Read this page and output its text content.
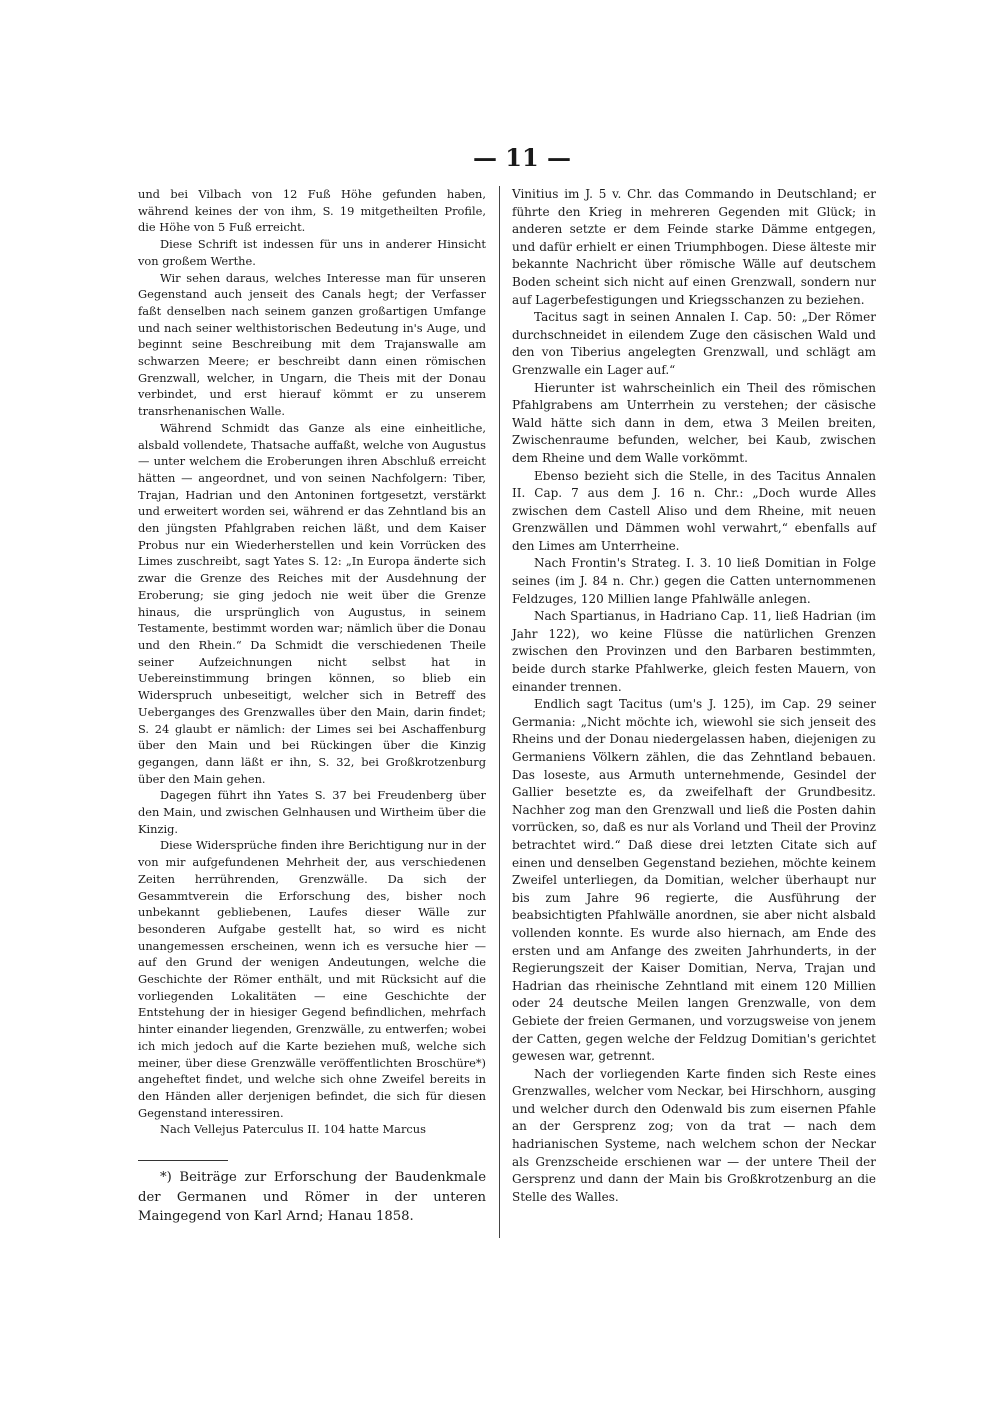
— 11 —

und bei Vilbach von 12 Fuß Höhe gefunden haben, während keines der von ihm, S. 19 mitgetheilten Profile, die Höhe von 5 Fuß erreicht.

Diese Schrift ist indessen für uns in anderer Hinsicht von großem Werthe.

Wir sehen daraus, welches Interesse man für unseren Gegenstand auch jenseit des Canals hegt; der Verfasser faßt denselben nach seinem ganzen großartigen Umfange und nach seiner welthistorischen Bedeutung in's Auge, und beginnt seine Beschreibung mit dem Trajanswalle am schwarzen Meere; er beschreibt dann einen römischen Grenzwall, welcher, in Ungarn, die Theis mit der Donau verbindet, und erst hierauf kömmt er zu unserem transrhenanischen Walle.

Während Schmidt das Ganze als eine einheitliche, alsbald vollendete, Thatsache auffaßt, welche von Augustus — unter welchem die Eroberungen ihren Abschluß erreicht hätten — angeordnet, und von seinen Nachfolgern: Tiber, Trajan, Hadrian und den Antoninen fortgesetzt, verstärkt und erweitert worden sei, während er das Zehntland bis an den jüngsten Pfahlgraben reichen läßt, und dem Kaiser Probus nur ein Wiederherstellen und kein Vorrücken des Limes zuschreibt, sagt Yates S. 12: „In Europa änderte sich zwar die Grenze des Reiches mit der Ausdehnung der Eroberung; sie ging jedoch nie weit über die Grenze hinaus, die ursprünglich von Augustus, in seinem Testamente, bestimmt worden war; nämlich über die Donau und den Rhein.“ Da Schmidt die verschiedenen Theile seiner Aufzeichnungen nicht selbst hat in Uebereinstimmung bringen können, so blieb ein Widerspruch unbeseitigt, welcher sich in Betreff des Ueberganges des Grenzwalles über den Main, darin findet; S. 24 glaubt er nämlich: der Limes sei bei Aschaffenburg über den Main und bei Rückingen über die Kinzig gegangen, dann läßt er ihn, S. 32, bei Großkrotzenburg über den Main gehen.

Dagegen führt ihn Yates S. 37 bei Freudenberg über den Main, und zwischen Gelnhausen und Wirtheim über die Kinzig.

Diese Widersprüche finden ihre Berichtigung nur in der von mir aufgefundenen Mehrheit der, aus verschiedenen Zeiten herrührenden, Grenzwälle. Da sich der Gesammtverein die Erforschung des, bisher noch unbekannt gebliebenen, Laufes dieser Wälle zur besonderen Aufgabe gestellt hat, so wird es nicht unangemessen erscheinen, wenn ich es versuche hier — auf den Grund der wenigen Andeutungen, welche die Geschichte der Römer enthält, und mit Rücksicht auf die vorliegenden Lokalitäten — eine Geschichte der Entstehung der in hiesiger Gegend befindlichen, mehrfach hinter einander liegenden, Grenzwälle, zu entwerfen; wobei ich mich jedoch auf die Karte beziehen muß, welche sich meiner, über diese Grenzwälle veröffentlichten Broschüre*) angeheftet findet, und welche sich ohne Zweifel bereits in den Händen aller derjenigen befindet, die sich für diesen Gegenstand interessiren.

Nach Vellejus Paterculus II. 104 hatte Marcus

*) Beiträge zur Erforschung der Baudenkmale der Germanen und Römer in der unteren Maingegend von Karl Arnd; Hanau 1858.

Vinitius im J. 5 v. Chr. das Commando in Deutschland; er führte den Krieg in mehreren Gegenden mit Glück; in anderen setzte er dem Feinde starke Dämme entgegen, und dafür erhielt er einen Triumphbogen. Diese älteste mir bekannte Nachricht über römische Wälle auf deutschem Boden scheint sich nicht auf einen Grenzwall, sondern nur auf Lagerbefestigungen und Kriegsschanzen zu beziehen.

Tacitus sagt in seinen Annalen I. Cap. 50: „Der Römer durchschneidet in eilendem Zuge den cäsischen Wald und den von Tiberius angelegten Grenzwall, und schlägt am Grenzwalle ein Lager auf.“

Hierunter ist wahrscheinlich ein Theil des römischen Pfahlgrabens am Unterrhein zu verstehen; der cäsische Wald hätte sich dann in dem, etwa 3 Meilen breiten, Zwischenraume befunden, welcher, bei Kaub, zwischen dem Rheine und dem Walle vorkömmt.

Ebenso bezieht sich die Stelle, in des Tacitus Annalen II. Cap. 7 aus dem J. 16 n. Chr.: „Doch wurde Alles zwischen dem Castell Aliso und dem Rheine, mit neuen Grenzwällen und Dämmen wohl verwahrt,“ ebenfalls auf den Limes am Unterrheine.

Nach Frontin's Strateg. I. 3. 10 ließ Domitian in Folge seines (im J. 84 n. Chr.) gegen die Catten unternommenen Feldzuges, 120 Millien lange Pfahlwälle anlegen.

Nach Spartianus, in Hadriano Cap. 11, ließ Hadrian (im Jahr 122), wo keine Flüsse die natürlichen Grenzen zwischen den Provinzen und den Barbaren bestimmten, beide durch starke Pfahlwerke, gleich festen Mauern, von einander trennen.

Endlich sagt Tacitus (um's J. 125), im Cap. 29 seiner Germania: „Nicht möchte ich, wiewohl sie sich jenseit des Rheins und der Donau niedergelassen haben, diejenigen zu Germaniens Völkern zählen, die das Zehntland bebauen. Das loseste, aus Armuth unternehmende, Gesindel der Gallier besetzte es, da zweifelhaft der Grundbesitz. Nachher zog man den Grenzwall und ließ die Posten dahin vorrücken, so, daß es nur als Vorland und Theil der Provinz betrachtet wird.“ Daß diese drei letzten Citate sich auf einen und denselben Gegenstand beziehen, möchte keinem Zweifel unterliegen, da Domitian, welcher überhaupt nur bis zum Jahre 96 regierte, die Ausführung der beabsichtigten Pfahlwälle anordnen, sie aber nicht alsbald vollenden konnte. Es wurde also hiernach, am Ende des ersten und am Anfange des zweiten Jahrhunderts, in der Regierungszeit der Kaiser Domitian, Nerva, Trajan und Hadrian das rheinische Zehntland mit einem 120 Millien oder 24 deutsche Meilen langen Grenzwalle, von dem Gebiete der freien Germanen, und vorzugsweise von jenem der Catten, gegen welche der Feldzug Domitian's gerichtet gewesen war, getrennt.

Nach der vorliegenden Karte finden sich Reste eines Grenzwalles, welcher vom Neckar, bei Hirschhorn, ausging und welcher durch den Odenwald bis zum eisernen Pfahle an der Gersprenz zog; von da trat — nach dem hadrianischen Systeme, nach welchem schon der Neckar als Grenzscheide erschienen war — der untere Theil der Gersprenz und dann der Main bis Großkrotzenburg an die Stelle des Walles.
